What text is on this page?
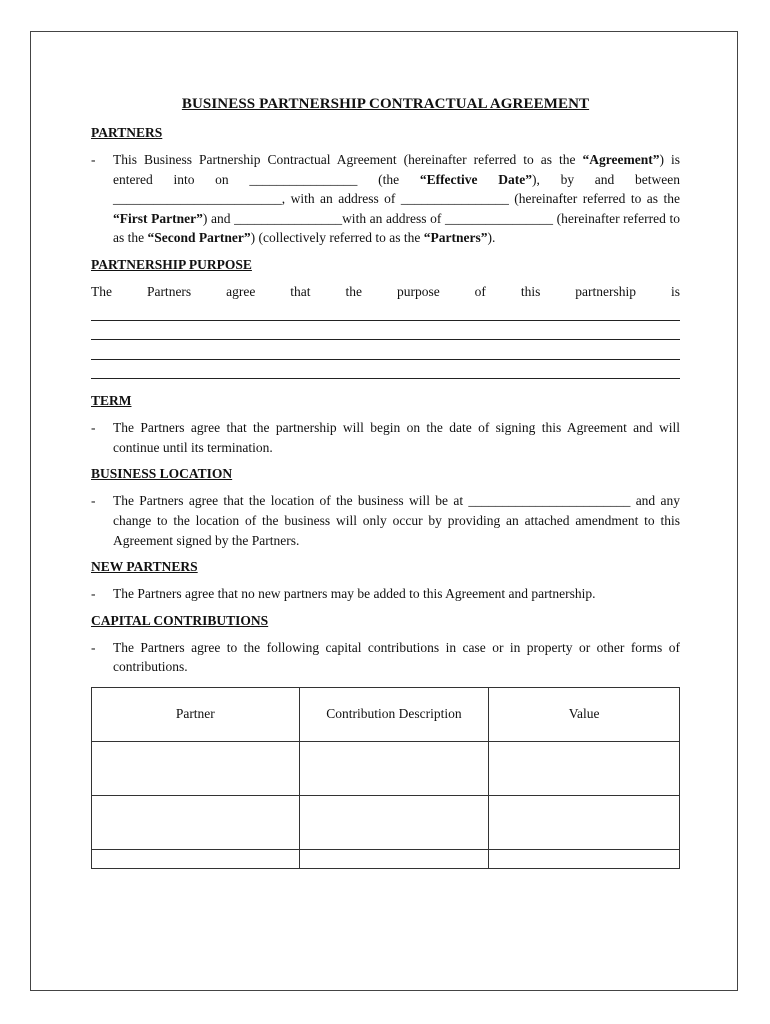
BUSINESS PARTNERSHIP CONTRACTUAL AGREEMENT
PARTNERS
-	This Business Partnership Contractual Agreement (hereinafter referred to as the “Agreement”) is entered into on ________________ (the “Effective Date”), by and between _________________________, with an address of ________________ (hereinafter referred to as the “First Partner”) and ________________with an address of ________________ (hereinafter referred to as the “Second Partner”) (collectively referred to as the “Partners”).
PARTNERSHIP PURPOSE
The Partners agree that the purpose of this partnership is
TERM
-	The Partners agree that the partnership will begin on the date of signing this Agreement and will continue until its termination.
BUSINESS LOCATION
-	The Partners agree that the location of the business will be at ________________________ and any change to the location of the business will only occur by providing an attached amendment to this Agreement signed by the Partners.
NEW PARTNERS
-	The Partners agree that no new partners may be added to this Agreement and partnership.
CAPITAL CONTRIBUTIONS
-	The Partners agree to the following capital contributions in case or in property or other forms of contributions.
Partner	Contribution Description	Value
